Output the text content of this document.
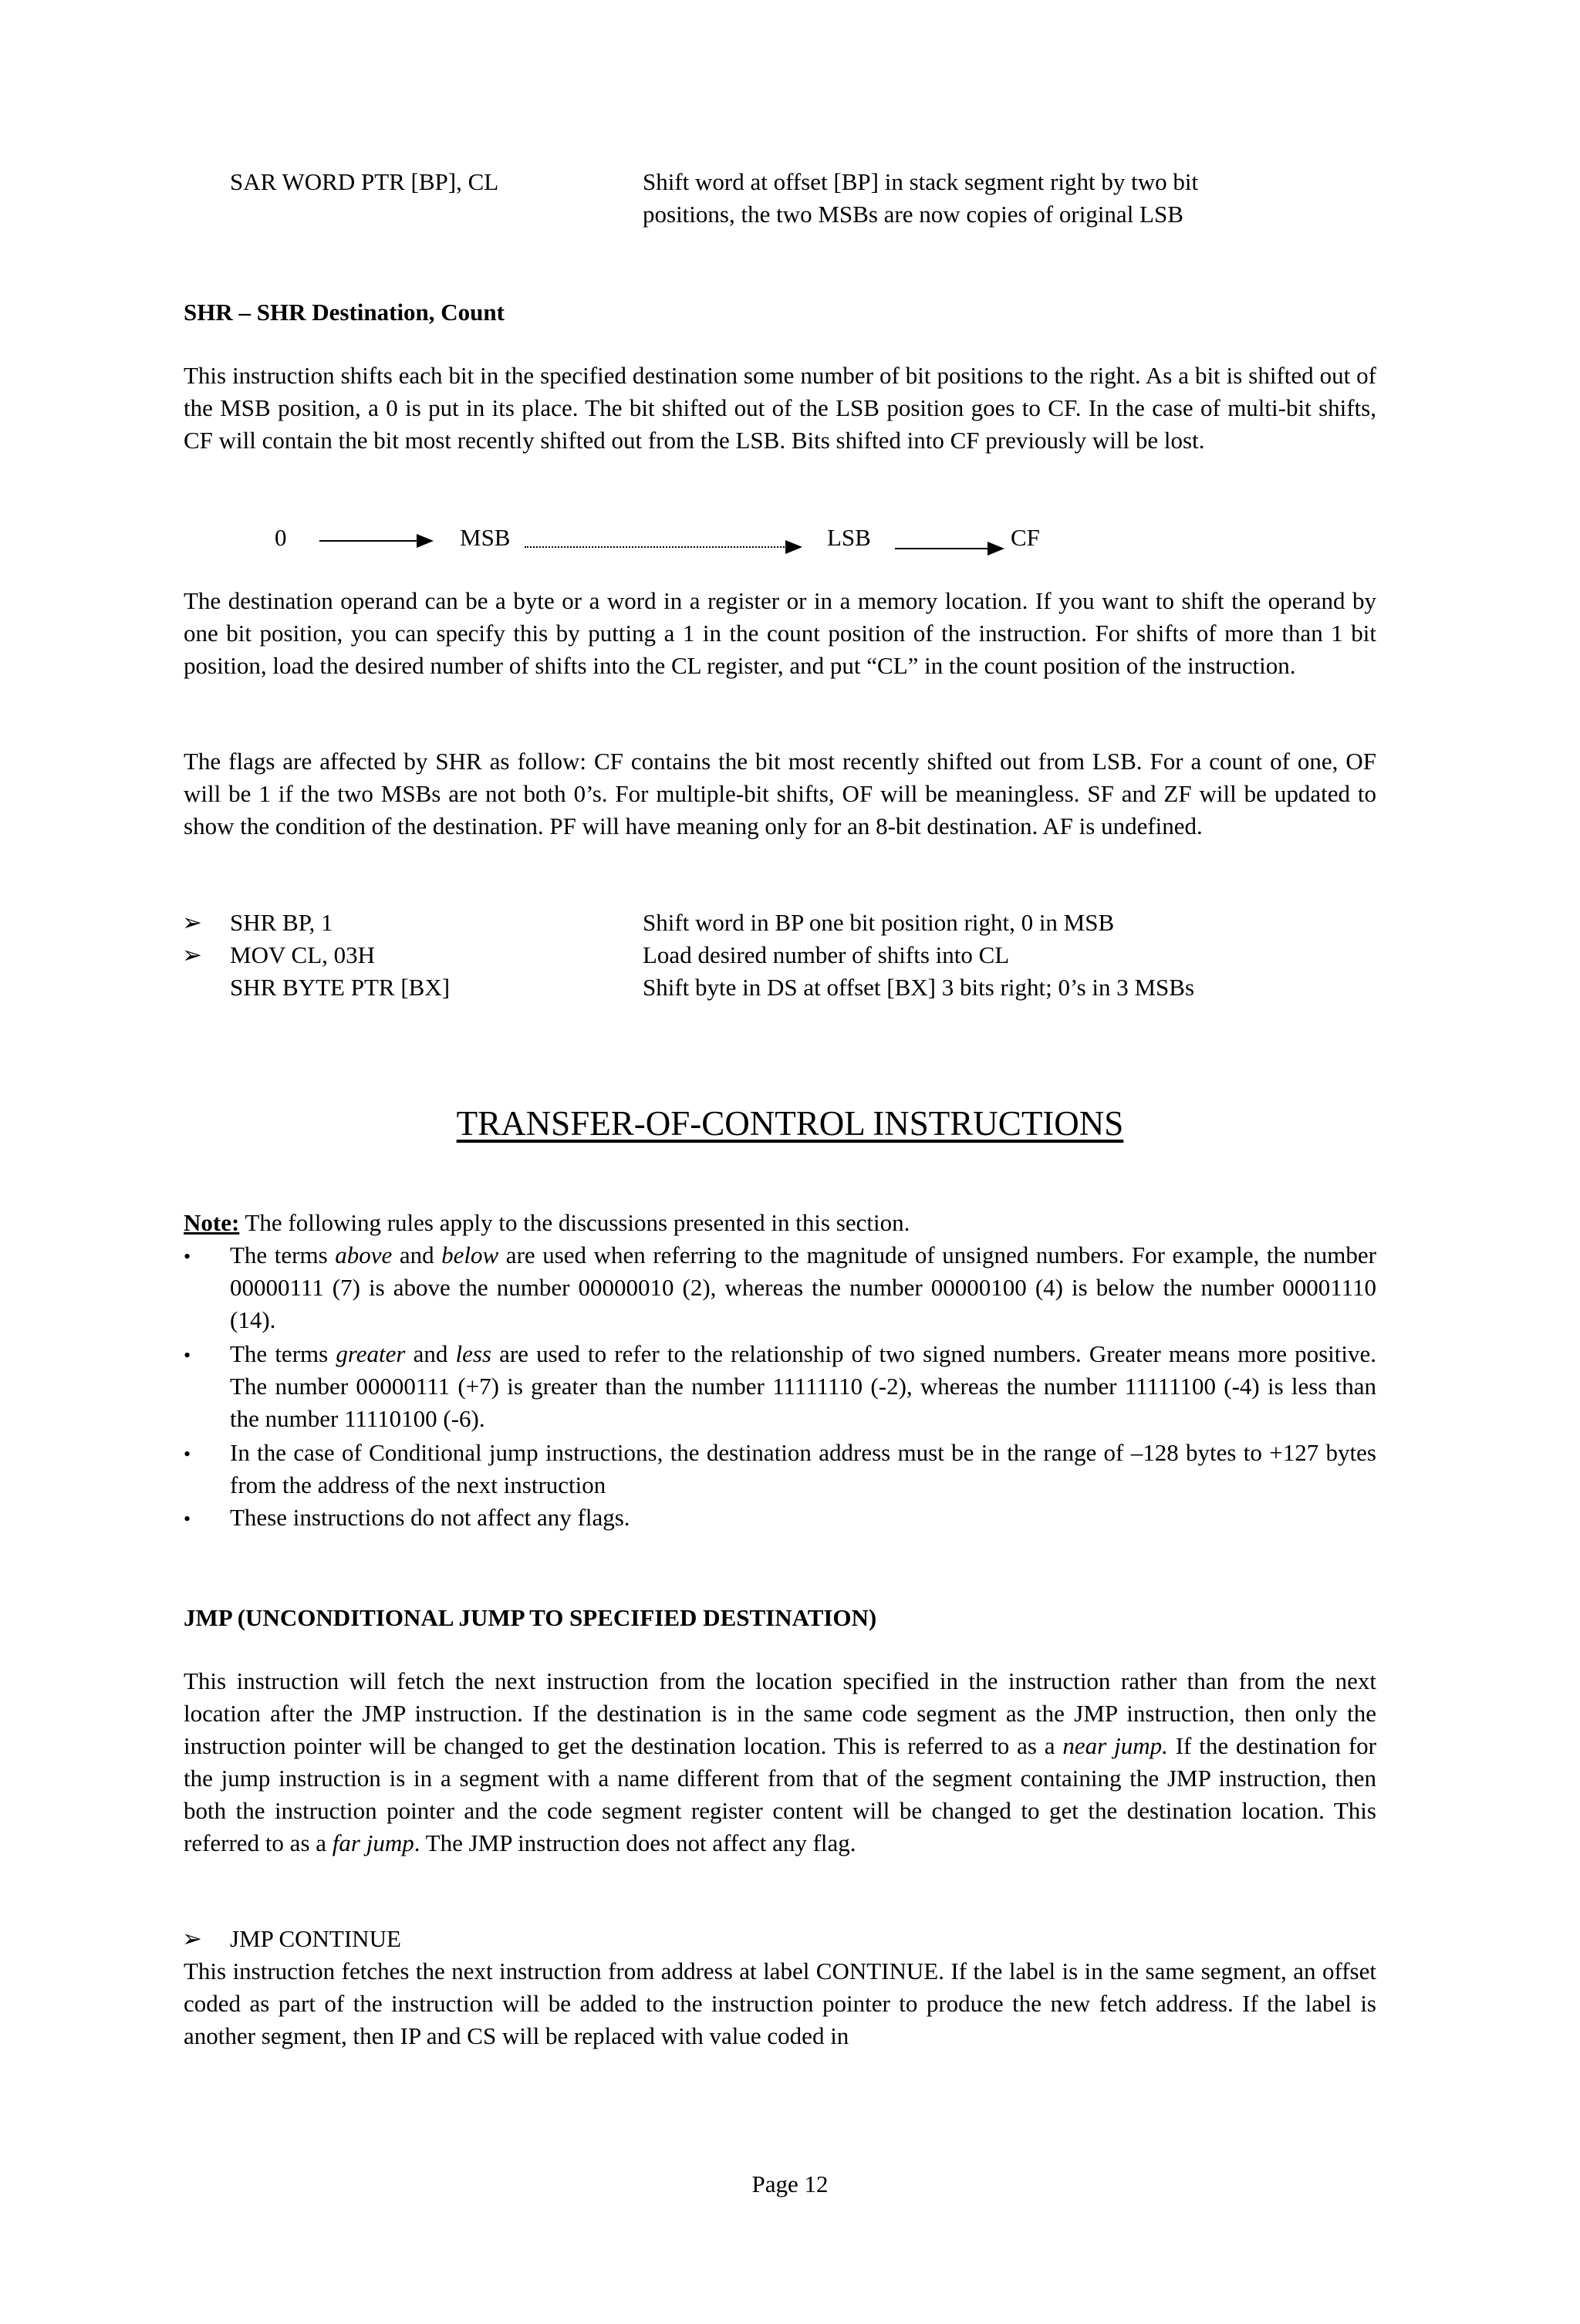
SAR WORD PTR [BP], CL	Shift word at offset [BP] in stack segment right by two bit
positions, the two MSBs are now copies of original LSB
SHR – SHR Destination, Count
This instruction shifts each bit in the specified destination some number of bit positions to the right. As a bit is shifted out of the MSB position, a 0 is put in its place. The bit shifted out of the LSB position goes to CF. In the case of multi-bit shifts, CF will contain the bit most recently shifted out from the LSB. Bits shifted into CF previously will be lost.
0	MSB	LSB	CF
The destination operand can be a byte or a word in a register or in a memory location. If you want to shift the operand by one bit position, you can specify this by putting a 1 in the count position of the instruction. For shifts of more than 1 bit position, load the desired number of shifts into the CL register, and put “CL” in the count position of the instruction.
The flags are affected by SHR as follow: CF contains the bit most recently shifted out from LSB. For a count of one, OF will be 1 if the two MSBs are not both 0’s. For multiple-bit shifts, OF will be meaningless. SF and ZF will be updated to show the condition of the destination. PF will have meaning only for an 8-bit destination. AF is undefined.
➢ SHR BP, 1	Shift word in BP one bit position right, 0 in MSB
➢ MOV CL, 03H	Load desired number of shifts into CL
SHR BYTE PTR [BX]	Shift byte in DS at offset [BX] 3 bits right; 0’s in 3 MSBs
TRANSFER-OF-CONTROL INSTRUCTIONS
Note: The following rules apply to the discussions presented in this section.
• The terms above and below are used when referring to the magnitude of unsigned numbers. For example, the number 00000111 (7) is above the number 00000010 (2), whereas the number 00000100 (4) is below the number 00001110 (14).
• The terms greater and less are used to refer to the relationship of two signed numbers. Greater means more positive. The number 00000111 (+7) is greater than the number 11111110 (-2), whereas the number 11111100 (-4) is less than the number 11110100 (-6).
• In the case of Conditional jump instructions, the destination address must be in the range of –128 bytes to +127 bytes from the address of the next instruction
• These instructions do not affect any flags.
JMP (UNCONDITIONAL JUMP TO SPECIFIED DESTINATION)
This instruction will fetch the next instruction from the location specified in the instruction rather than from the next location after the JMP instruction. If the destination is in the same code segment as the JMP instruction, then only the instruction pointer will be changed to get the destination location. This is referred to as a near jump. If the destination for the jump instruction is in a segment with a name different from that of the segment containing the JMP instruction, then both the instruction pointer and the code segment register content will be changed to get the destination location. This referred to as a far jump. The JMP instruction does not affect any flag.
➢ JMP CONTINUE
This instruction fetches the next instruction from address at label CONTINUE. If the label is in the same segment, an offset coded as part of the instruction will be added to the instruction pointer to produce the new fetch address. If the label is another segment, then IP and CS will be replaced with value coded in
Page 12
